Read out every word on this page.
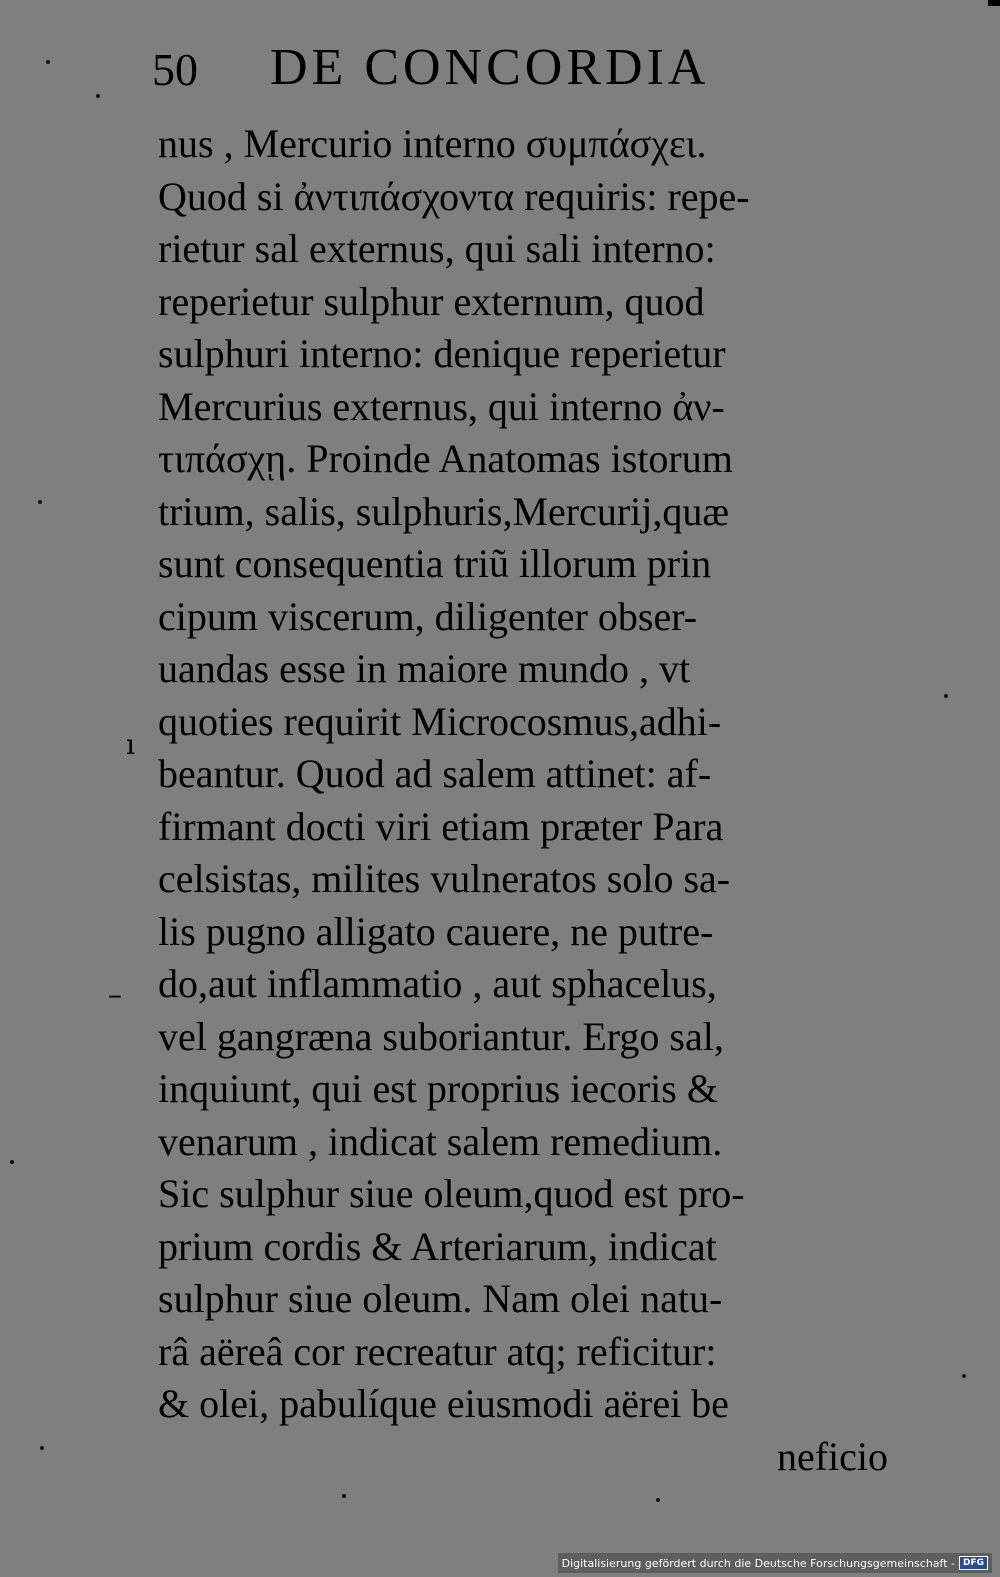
50 DE CONCORDIA
nus , Mercurio interno συμπάσχει.
Quod si ἀντιπάσχοντα requiris: repe-
rietur sal externus, qui sali interno:
reperietur sulphur externum, quod
sulphuri interno: denique reperietur
Mercurius externus, qui interno ἀν-
τιπάσχῃ. Proinde Anatomas istorum
trium, salis, sulphuris,Mercurij,quæ
sunt consequentia triũ illorum prin
cipum viscerum, diligenter obser-
uandas esse in maiore mundo , vt
quoties requirit Microcosmus,adhi-
beantur. Quod ad salem attinet: af-
firmant docti viri etiam præter Para
celsistas, milites vulneratos solo sa-
lis pugno alligato cauere, ne putre-
do,aut inflammatio , aut sphacelus,
vel gangræna suboriantur. Ergo sal,
inquiunt, qui est proprius iecoris &
venarum , indicat salem remedium.
Sic sulphur siue oleum,quod est pro-
prium cordis & Arteriarum, indicat
sulphur siue oleum. Nam olei natu-
râ aëreâ cor recreatur atq; reficitur:
& olei, pabulíque eiusmodi aërei be
neficio
ı
–
Digitalisierung gefördert durch die Deutsche Forschungsgemeinschaft - DFG
